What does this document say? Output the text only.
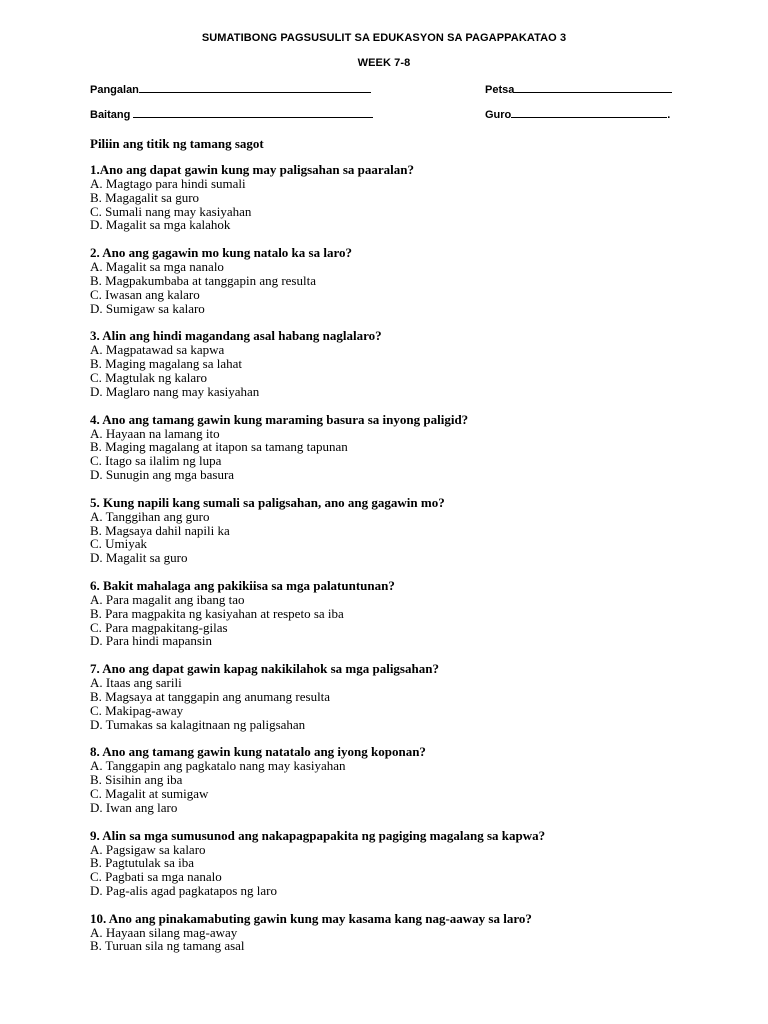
SUMATIBONG PAGSUSULIT SA EDUKASYON SA PAGAPPAKATAO 3
WEEK 7-8
Pangalan	Petsa
Baitang	Guro	.
Piliin ang titik ng tamang sagot
1.Ano ang dapat gawin kung may paligsahan sa paaralan?
A. Magtago para hindi sumali
B. Magagalit sa guro
C. Sumali nang may kasiyahan
D. Magalit sa mga kalahok
2. Ano ang gagawin mo kung natalo ka sa laro?
A. Magalit sa mga nanalo
B. Magpakumbaba at tanggapin ang resulta
C. Iwasan ang kalaro
D. Sumigaw sa kalaro
3. Alin ang hindi magandang asal habang naglalaro?
A. Magpatawad sa kapwa
B. Maging magalang sa lahat
C. Magtulak ng kalaro
D. Maglaro nang may kasiyahan
4. Ano ang tamang gawin kung maraming basura sa inyong paligid?
A. Hayaan na lamang ito
B. Maging magalang at itapon sa tamang tapunan
C. Itago sa ilalim ng lupa
D. Sunugin ang mga basura
5. Kung napili kang sumali sa paligsahan, ano ang gagawin mo?
A. Tanggihan ang guro
B. Magsaya dahil napili ka
C. Umiyak
D. Magalit sa guro
6. Bakit mahalaga ang pakikiisa sa mga palatuntunan?
A. Para magalit ang ibang tao
B. Para magpakita ng kasiyahan at respeto sa iba
C. Para magpakitang-gilas
D. Para hindi mapansin
7. Ano ang dapat gawin kapag nakikilahok sa mga paligsahan?
A. Itaas ang sarili
B. Magsaya at tanggapin ang anumang resulta
C. Makipag-away
D. Tumakas sa kalagitnaan ng paligsahan
8. Ano ang tamang gawin kung natatalo ang iyong koponan?
A. Tanggapin ang pagkatalo nang may kasiyahan
B. Sisihin ang iba
C. Magalit at sumigaw
D. Iwan ang laro
9. Alin sa mga sumusunod ang nakapagpapakita ng pagiging magalang sa kapwa?
A. Pagsigaw sa kalaro
B. Pagtutulak sa iba
C. Pagbati sa mga nanalo
D. Pag-alis agad pagkatapos ng laro
10. Ano ang pinakamabuting gawin kung may kasama kang nag-aaway sa laro?
A. Hayaan silang mag-away
B. Turuan sila ng tamang asal
